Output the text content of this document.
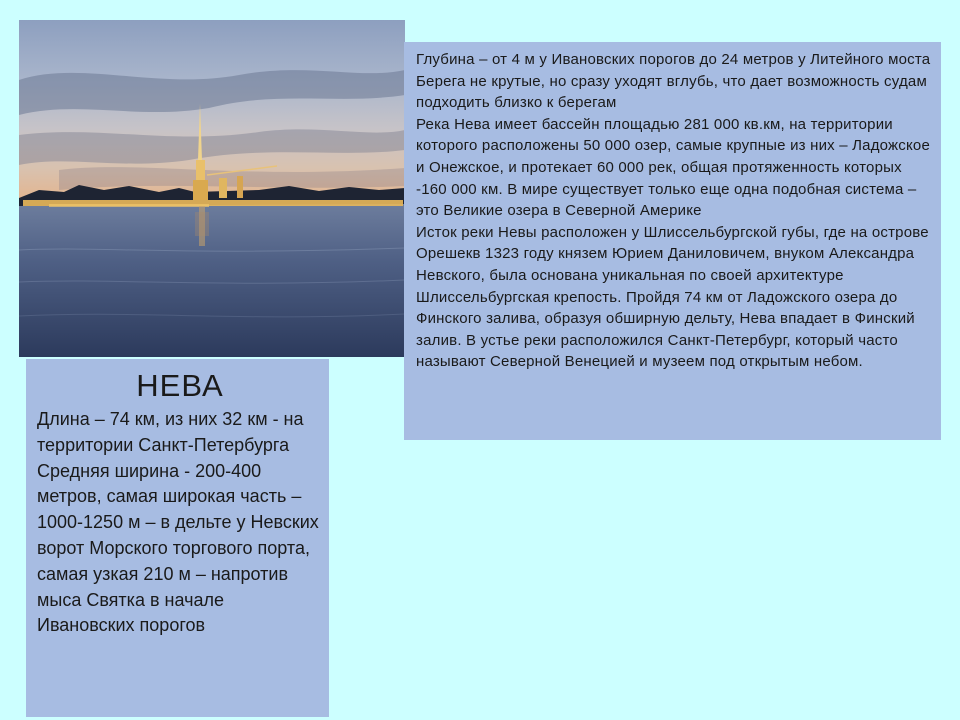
Глубина – от 4 м у Ивановских порогов до 24 метров у Литейного моста

Берега не крутые, но сразу уходят вглубь, что дает возможность судам подходить близко к берегам

Река Нева имеет бассейн площадью 281 000 кв.км, на территории которого расположены 50 000 озер, самые крупные из них – Ладожское и Онежское, и протекает 60 000 рек, общая протяженность которых -160 000 км. В мире существует только еще одна подобная система – это Великие озера в Северной Америке

Исток реки Невы расположен у Шлиссельбургской губы, где на острове Орешекв 1323 году князем Юрием Даниловичем, внуком Александра Невского, была основана уникальная по своей архитектуре Шлиссельбургская крепость. Пройдя 74 км от Ладожского озера до Финского залива, образуя обширную дельту, Нева впадает в Финский залив. В устье реки расположился Санкт-Петербург, который часто называют Северной Венецией и музеем под открытым небом.

НЕВА

Длина – 74 км, из них 32 км - на территории Санкт-Петербурга

Средняя ширина - 200-400 метров, самая широкая часть – 1000-1250 м – в дельте у Невских ворот Морского торгового порта, самая узкая 210 м – напротив мыса Святка в начале Ивановских порогов
